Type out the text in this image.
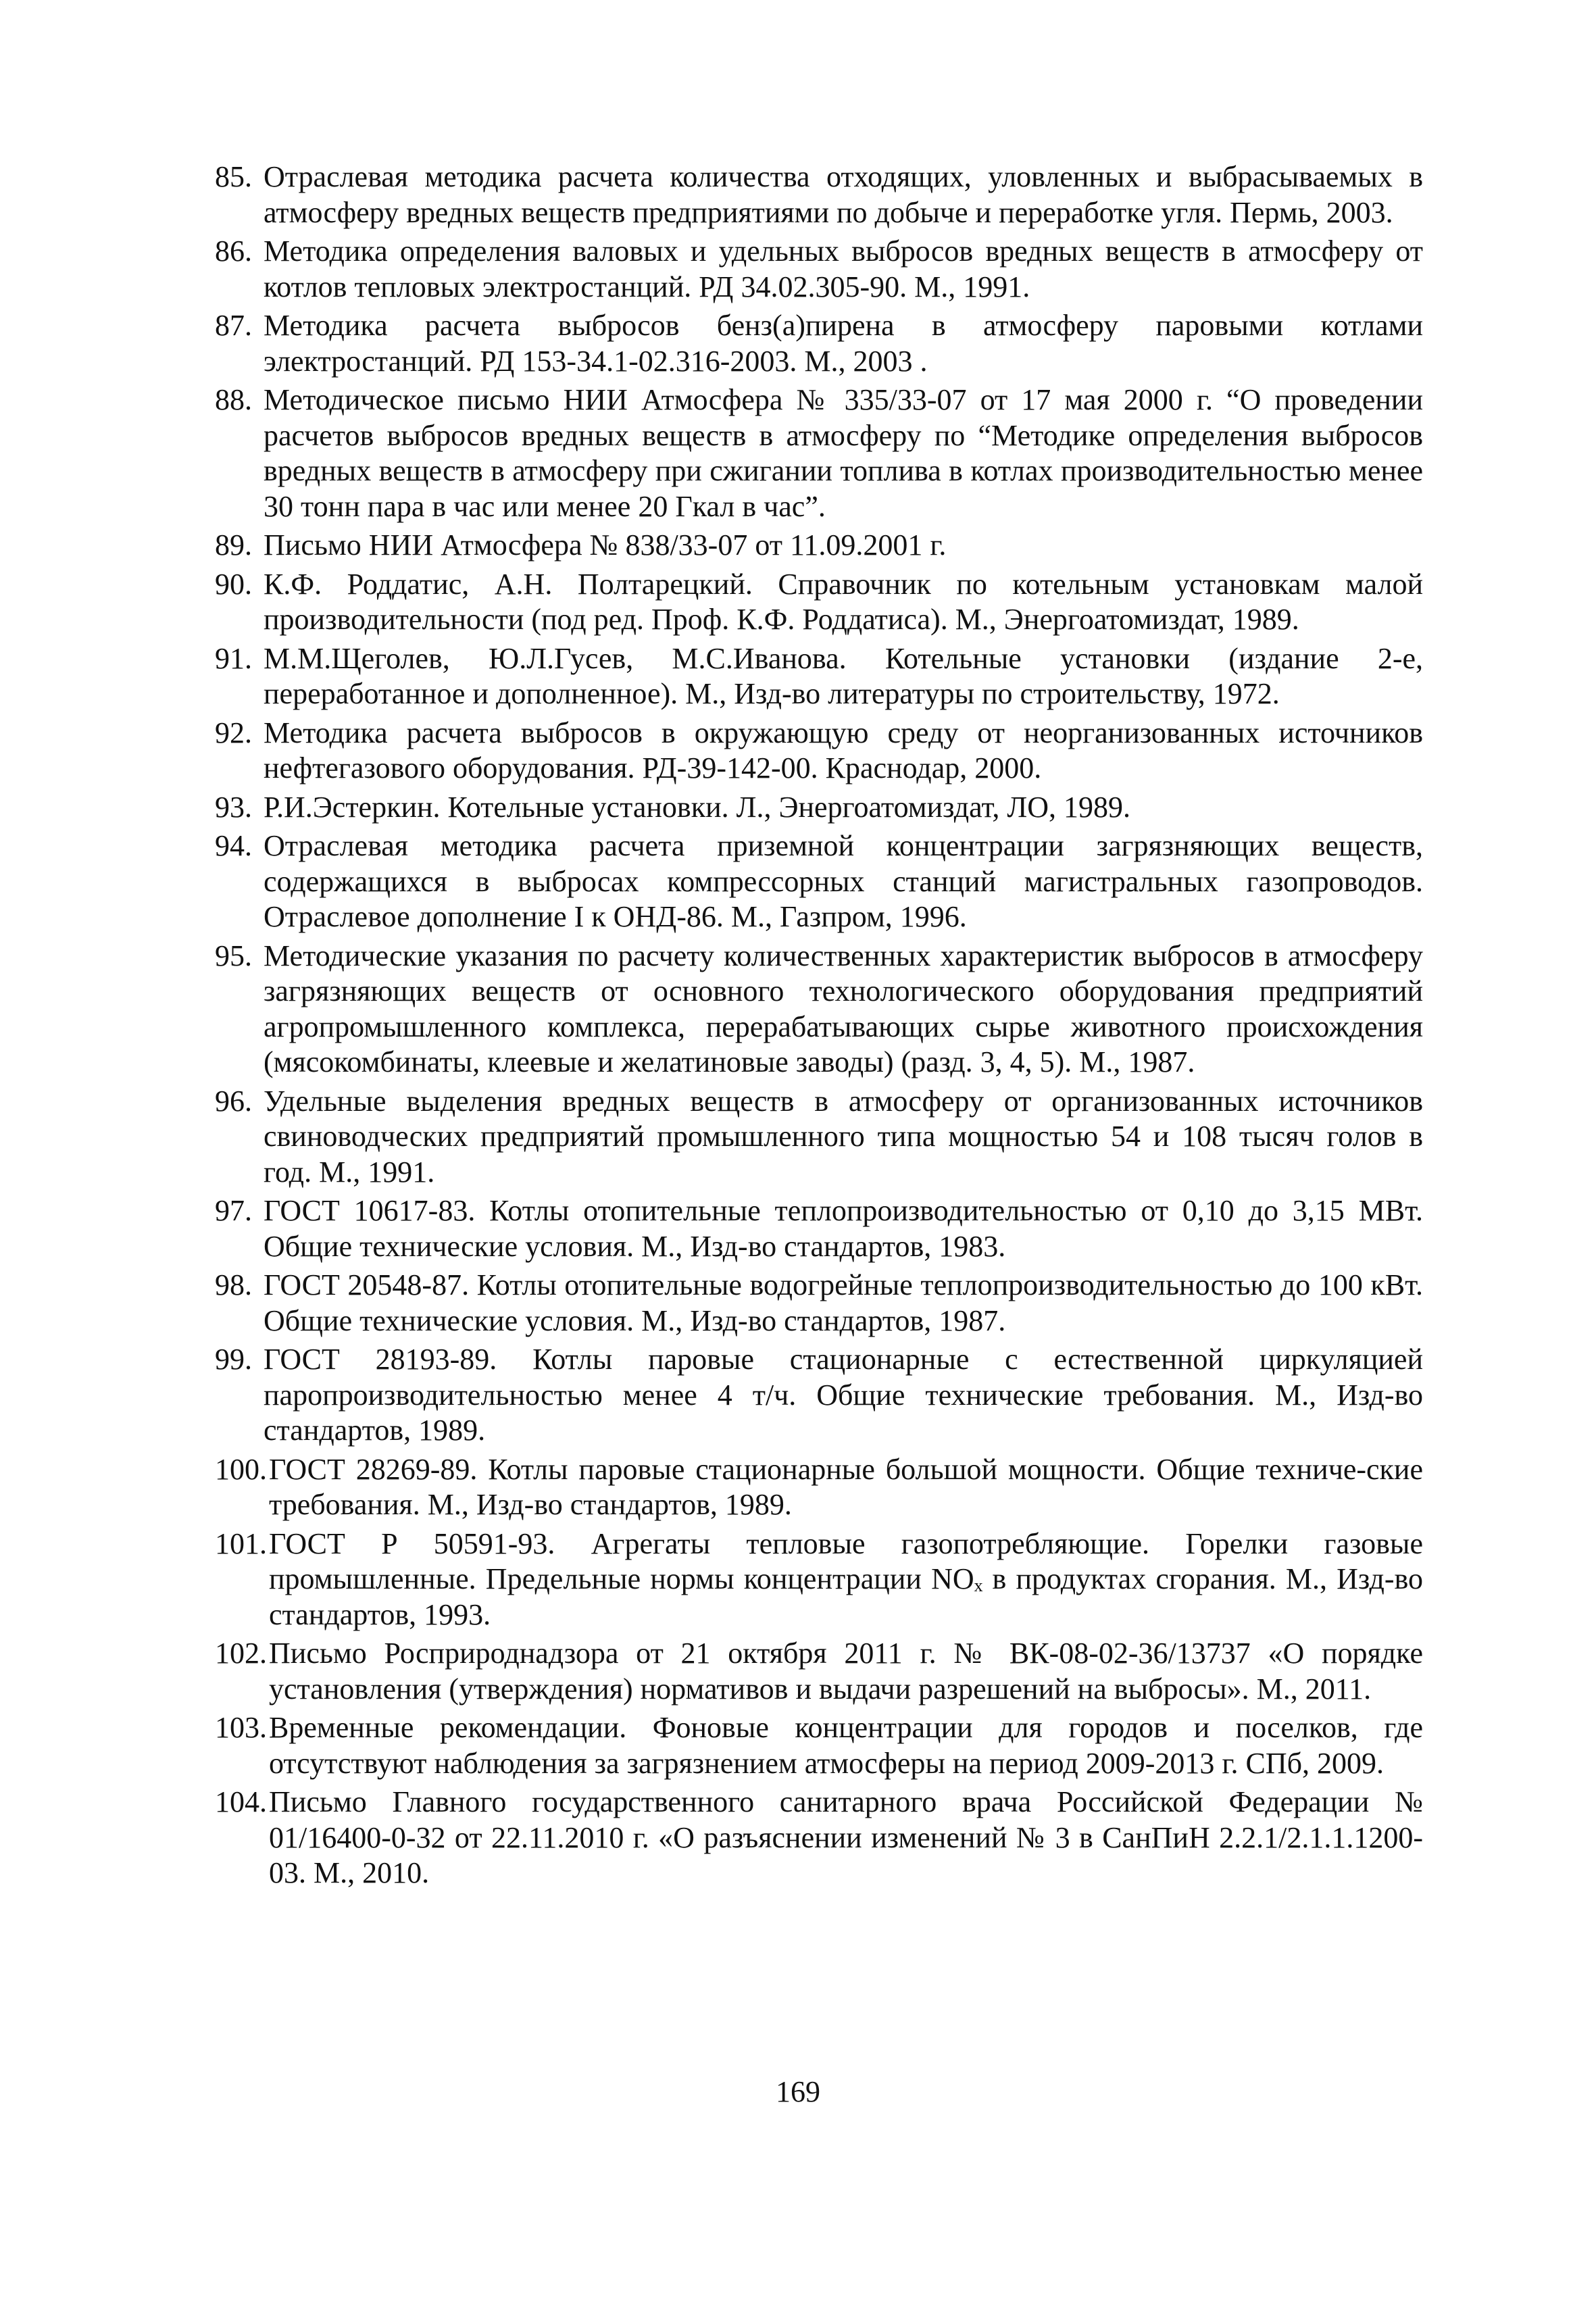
85. Отраслевая методика расчета количества отходящих, уловленных и выбрасываемых в атмосферу вредных веществ предприятиями по добыче и переработке угля. Пермь, 2003.
86. Методика определения валовых и удельных выбросов вредных веществ в атмосферу от котлов тепловых электростанций. РД 34.02.305-90. М., 1991.
87. Методика расчета выбросов бенз(а)пирена в атмосферу паровыми котлами электростанций. РД 153-34.1-02.316-2003. М., 2003 .
88. Методическое письмо НИИ Атмосфера № 335/33-07 от 17 мая 2000 г. “О проведении расчетов выбросов вредных веществ в атмосферу по “Методике определения выбросов вредных веществ в атмосферу при сжигании топлива в котлах производительностью менее 30 тонн пара в час или менее 20 Гкал в час”.
89. Письмо НИИ Атмосфера № 838/33-07 от 11.09.2001 г.
90. К.Ф. Роддатис, А.Н. Полтарецкий. Справочник по котельным установкам малой производительности (под ред. Проф. К.Ф. Роддатиса). М., Энергоатомиздат, 1989.
91. М.М.Щеголев, Ю.Л.Гусев, М.С.Иванова. Котельные установки (издание 2-е, переработанное и дополненное). М., Изд-во литературы по строительству, 1972.
92. Методика расчета выбросов в окружающую среду от неорганизованных источников нефтегазового оборудования. РД-39-142-00. Краснодар, 2000.
93. Р.И.Эстеркин. Котельные установки. Л., Энергоатомиздат, ЛО, 1989.
94. Отраслевая методика расчета приземной концентрации загрязняющих веществ, содержащихся в выбросах компрессорных станций магистральных газопроводов. Отраслевое дополнение I к ОНД-86. М., Газпром, 1996.
95. Методические указания по расчету количественных характеристик выбросов в атмосферу загрязняющих веществ от основного технологического оборудования предприятий агропромышленного комплекса, перерабатывающих сырье животного происхождения (мясокомбинаты, клеевые и желатиновые заводы) (разд. 3, 4, 5). М., 1987.
96. Удельные выделения вредных веществ в атмосферу от организованных источников свиноводческих предприятий промышленного типа мощностью 54 и 108 тысяч голов в год. М., 1991.
97. ГОСТ 10617-83. Котлы отопительные теплопроизводительностью от 0,10 до 3,15 МВт. Общие технические условия. М., Изд-во стандартов, 1983.
98. ГОСТ 20548-87. Котлы отопительные водогрейные теплопроизводительностью до 100 кВт. Общие технические условия. М., Изд-во стандартов, 1987.
99. ГОСТ 28193-89. Котлы паровые стационарные с естественной циркуляцией паропроизводительностью менее 4 т/ч. Общие технические требования. М., Изд-во стандартов, 1989.
100. ГОСТ 28269-89. Котлы паровые стационарные большой мощности. Общие техниче-ские требования. М., Изд-во стандартов, 1989.
101. ГОСТ Р 50591-93. Агрегаты тепловые газопотребляющие. Горелки газовые промышленные. Предельные нормы концентрации NOₓ в продуктах сгорания. М., Изд-во стандартов, 1993.
102. Письмо Росприроднадзора от 21 октября 2011 г. № ВК-08-02-36/13737 «О порядке установления (утверждения) нормативов и выдачи разрешений на выбросы». М., 2011.
103. Временные рекомендации. Фоновые концентрации для городов и поселков, где отсутствуют наблюдения за загрязнением атмосферы на период 2009-2013 г. СПб, 2009.
104. Письмо Главного государственного санитарного врача Российской Федерации № 01/16400-0-32 от 22.11.2010 г. «О разъяснении изменений № 3 в СанПиН 2.2.1/2.1.1.1200-03. М., 2010.
169
